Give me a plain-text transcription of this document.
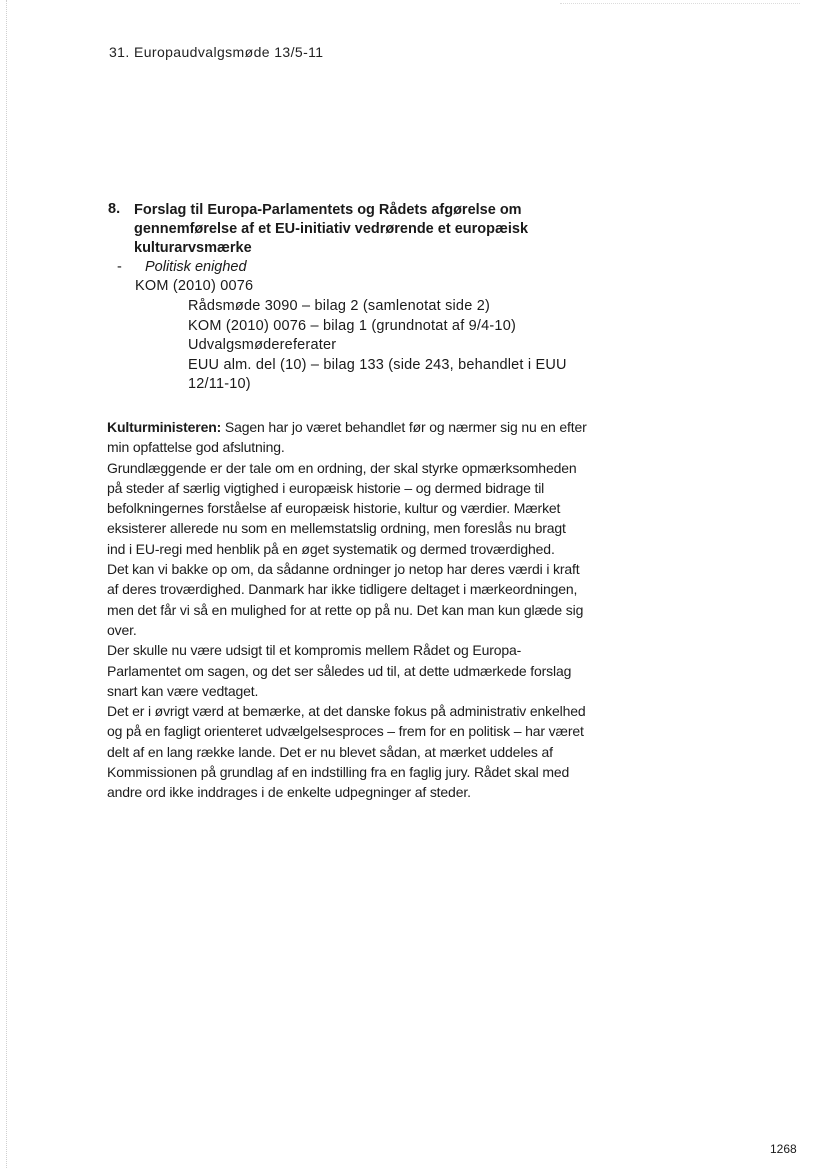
31. Europaudvalgsmøde 13/5-11
8. Forslag til Europa-Parlamentets og Rådets afgørelse om gennemførelse af et EU-initiativ vedrørende et europæisk kulturarvsmærke
- Politisk enighed
KOM (2010) 0076
Rådsmøde 3090 – bilag 2 (samlenotat side 2)
KOM (2010) 0076 – bilag 1 (grundnotat af 9/4-10)
Udvalgsmødereferater
EUU alm. del (10) – bilag 133 (side 243, behandlet i EUU 12/11-10)

Kulturministeren: Sagen har jo været behandlet før og nærmer sig nu en efter min opfattelse god afslutning.

Grundlæggende er der tale om en ordning, der skal styrke opmærksomheden på steder af særlig vigtighed i europæisk historie – og dermed bidrage til befolkningernes forståelse af europæisk historie, kultur og værdier. Mærket eksisterer allerede nu som en mellemstatslig ordning, men foreslås nu bragt ind i EU-regi med henblik på en øget systematik og dermed troværdighed.

Det kan vi bakke op om, da sådanne ordninger jo netop har deres værdi i kraft af deres troværdighed. Danmark har ikke tidligere deltaget i mærkeordningen, men det får vi så en mulighed for at rette op på nu. Det kan man kun glæde sig over.

Der skulle nu være udsigt til et kompromis mellem Rådet og Europa-Parlamentet om sagen, og det ser således ud til, at dette udmærkede forslag snart kan være vedtaget.

Det er i øvrigt værd at bemærke, at det danske fokus på administrativ enkelhed og på en fagligt orienteret udvælgelsesproces – frem for en politisk – har været delt af en lang række lande. Det er nu blevet sådan, at mærket uddeles af Kommissionen på grundlag af en indstilling fra en faglig jury. Rådet skal med andre ord ikke inddrages i de enkelte udpegninger af steder.

1268
